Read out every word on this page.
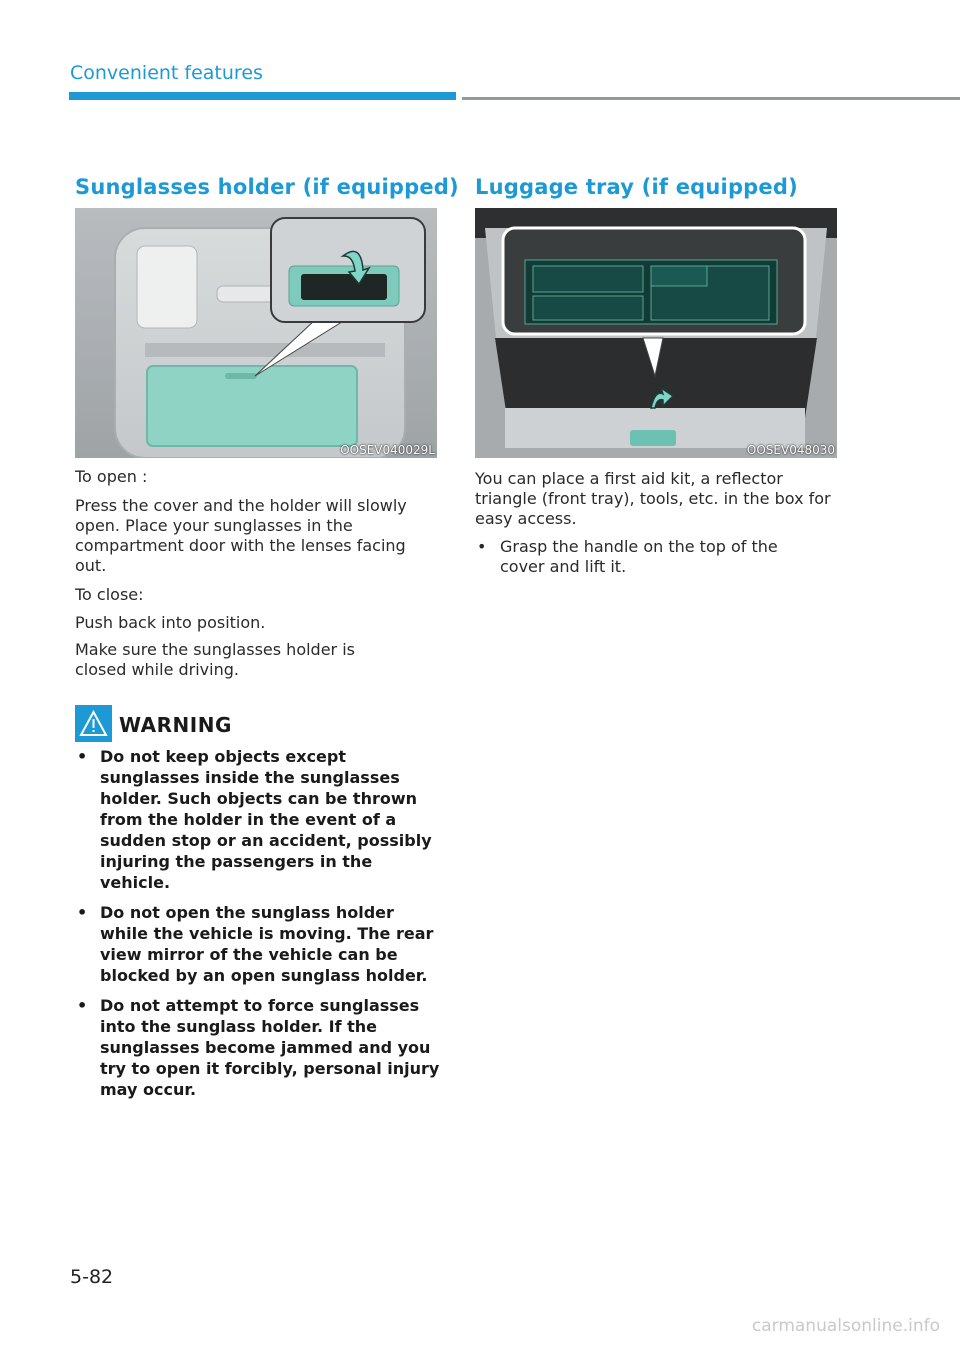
Convenient features
Sunglasses holder (if equipped)
OOSEV040029L
To open :
Press the cover and the holder will slowly open. Place your sunglasses in the compartment door with the lenses facing out.
To close:
Push back into position.
Make sure the sunglasses holder is closed while driving.
WARNING
• Do not keep objects except sunglasses inside the sunglasses holder. Such objects can be thrown from the holder in the event of a sudden stop or an accident, possibly injuring the passengers in the vehicle.
• Do not open the sunglass holder while the vehicle is moving. The rear view mirror of the vehicle can be blocked by an open sunglass holder.
• Do not attempt to force sunglasses into the sunglass holder. If the sunglasses become jammed and you try to open it forcibly, personal injury may occur.
Luggage tray (if equipped)
OOSEV048030
You can place a first aid kit, a reflector triangle (front tray), tools, etc. in the box for easy access.
• Grasp the handle on the top of the cover and lift it.
5-82
carmanualsonline.info
